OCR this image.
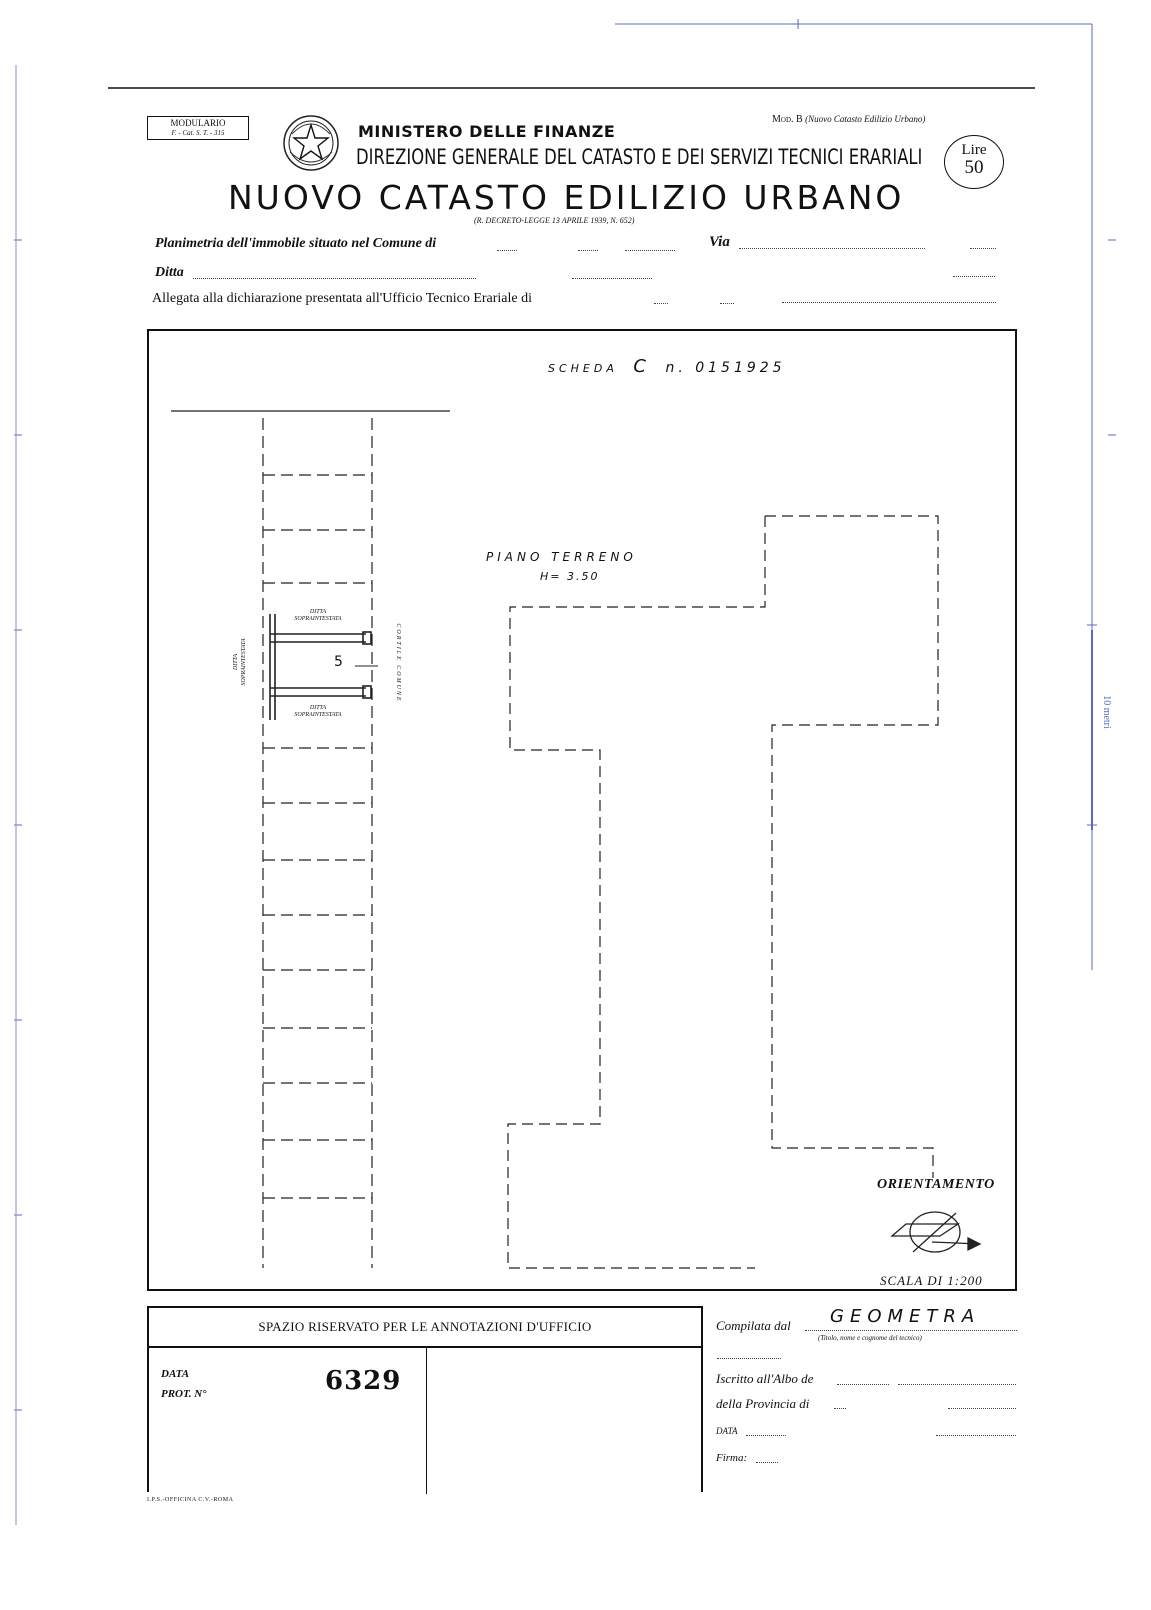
10 metri
MODULARIO
F. - Cat. S. T. - 315	MINISTERO DELLE FINANZE
DIREZIONE GENERALE DEL CATASTO E DEI SERVIZI TECNICI ERARIALI
NUOVO CATASTO EDILIZIO URBANO
(R. DECRETO-LEGGE 13 APRILE 1939, N. 652)
Mod. B (Nuovo Catasto Edilizio Urbano)
Lire
50
Planimetria dell'immobile situato nel Comune di	Via
Ditta
Allegata alla dichiarazione presentata all'Ufficio Tecnico Erariale di
SCHEDA C n. 0151925
PIANO TERRENO
H= 3.50
DITTA
SOPRAINTESTATA
DITTA
SOPRAINTESTATA
DITTA SOPRAINTESTATA	CORTILE COMUNE
5
ORIENTAMENTO
SCALA DI 1:200
SPAZIO RISERVATO PER LE ANNOTAZIONI D'UFFICIO
DATA
PROT. N°	6329
Compilata dal GEOMETRA
(Titolo, nome e cognome del tecnico)
Iscritto all'Albo de
della Provincia di
DATA
Firma:
I.P.S.-OFFICINA C.V.-ROMA
